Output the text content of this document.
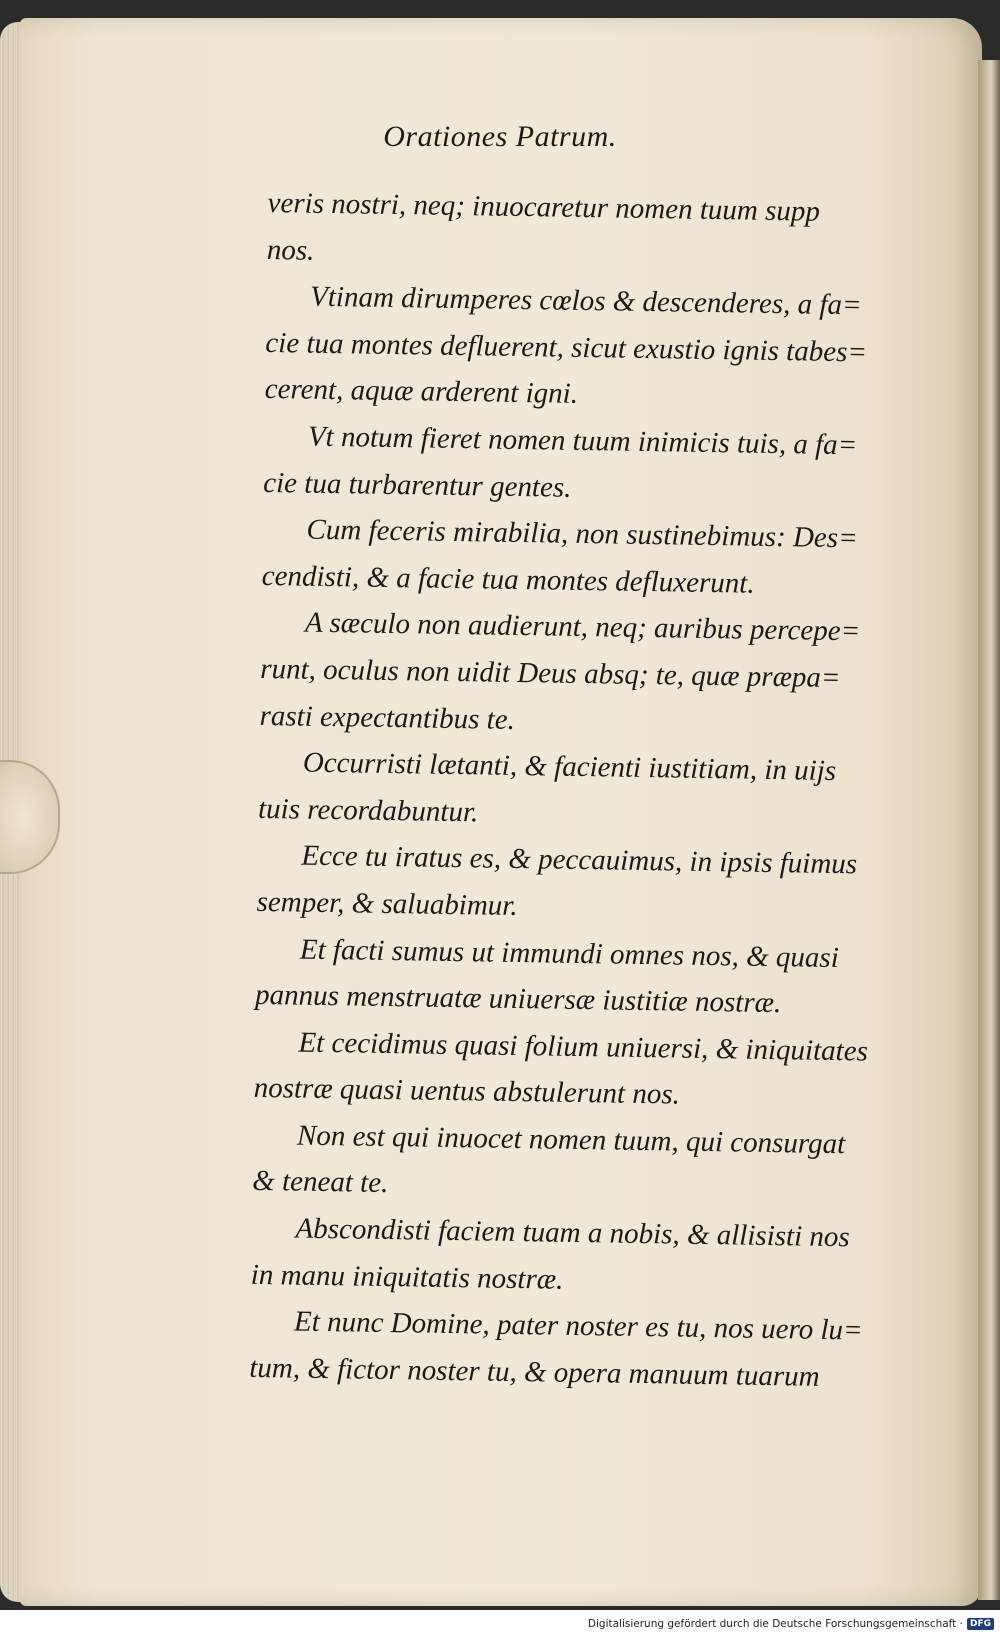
Orationes Patrum.
veris nostri, neq; inuocaretur nomen tuum supp
nos.
Vtinam dirumperes cœlos & descenderes, a fa=
cie tua montes defluerent, sicut exustio ignis tabes=
cerent, aquæ arderent igni.
Vt notum fieret nomen tuum inimicis tuis, a fa=
cie tua turbarentur gentes.
Cum feceris mirabilia, non sustinebimus: Des=
cendisti, & a facie tua montes defluxerunt.
A sæculo non audierunt, neq; auribus percepe=
runt, oculus non uidit Deus absq; te, quæ præpa=
rasti expectantibus te.
Occurristi lætanti, & facienti iustitiam, in uijs
tuis recordabuntur.
Ecce tu iratus es, & peccauimus, in ipsis fuimus
semper, & saluabimur.
Et facti sumus ut immundi omnes nos, & quasi
pannus menstruatæ uniuersæ iustitiæ nostræ.
Et cecidimus quasi folium uniuersi, & iniquitates
nostræ quasi uentus abstulerunt nos.
Non est qui inuocet nomen tuum, qui consurgat
& teneat te.
Abscondisti faciem tuam a nobis, & allisisti nos
in manu iniquitatis nostræ.
Et nunc Domine, pater noster es tu, nos uero lu=
tum, & fictor noster tu, & opera manuum tuarum
Digitalisierung gefördert durch die Deutsche Forschungsgemeinschaft · DFG
